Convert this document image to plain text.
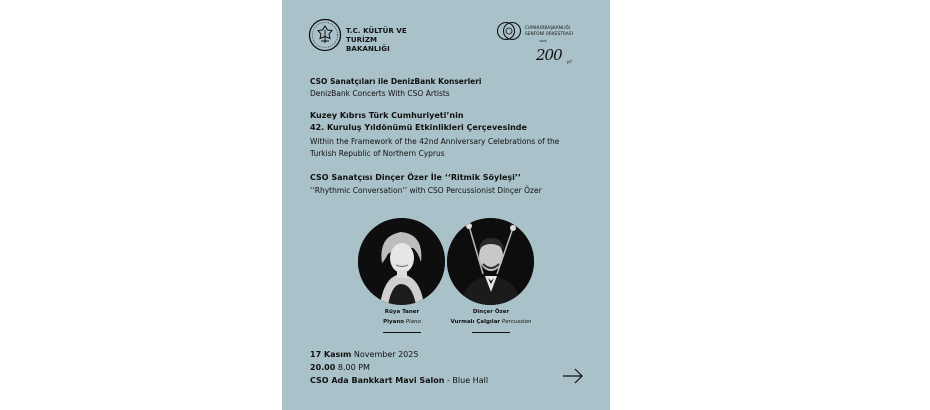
T.C. KÜLTÜR VE TURİZM
BAKANLIĞI
CUMHURBAŞKANLIĞI
SENFONİ ORKESTRASI
1826
200 yıl
CSO Sanatçıları ile DenizBank Konserleri
DenizBank Concerts With CSO Artists
Kuzey Kıbrıs Türk Cumhuriyeti’nin
42. Kuruluş Yıldönümü Etkinlikleri Çerçevesinde
Within the Framework of the 42nd Anniversary Celebrations of the
Turkish Republic of Northern Cyprus
CSO Sanatçısı Dinçer Özer İle ‘‘Ritmik Söyleşi’’
‘‘Rhythmic Conversation’’ with CSO Percussionist Dinçer Özer
Rüya Taner
Piyano Piano
Dinçer Özer
Vurmalı Çalgılar Percussion
17 Kasım November 2025
20.00 8.00 PM
CSO Ada Bankkart Mavi Salon - Blue Hall
